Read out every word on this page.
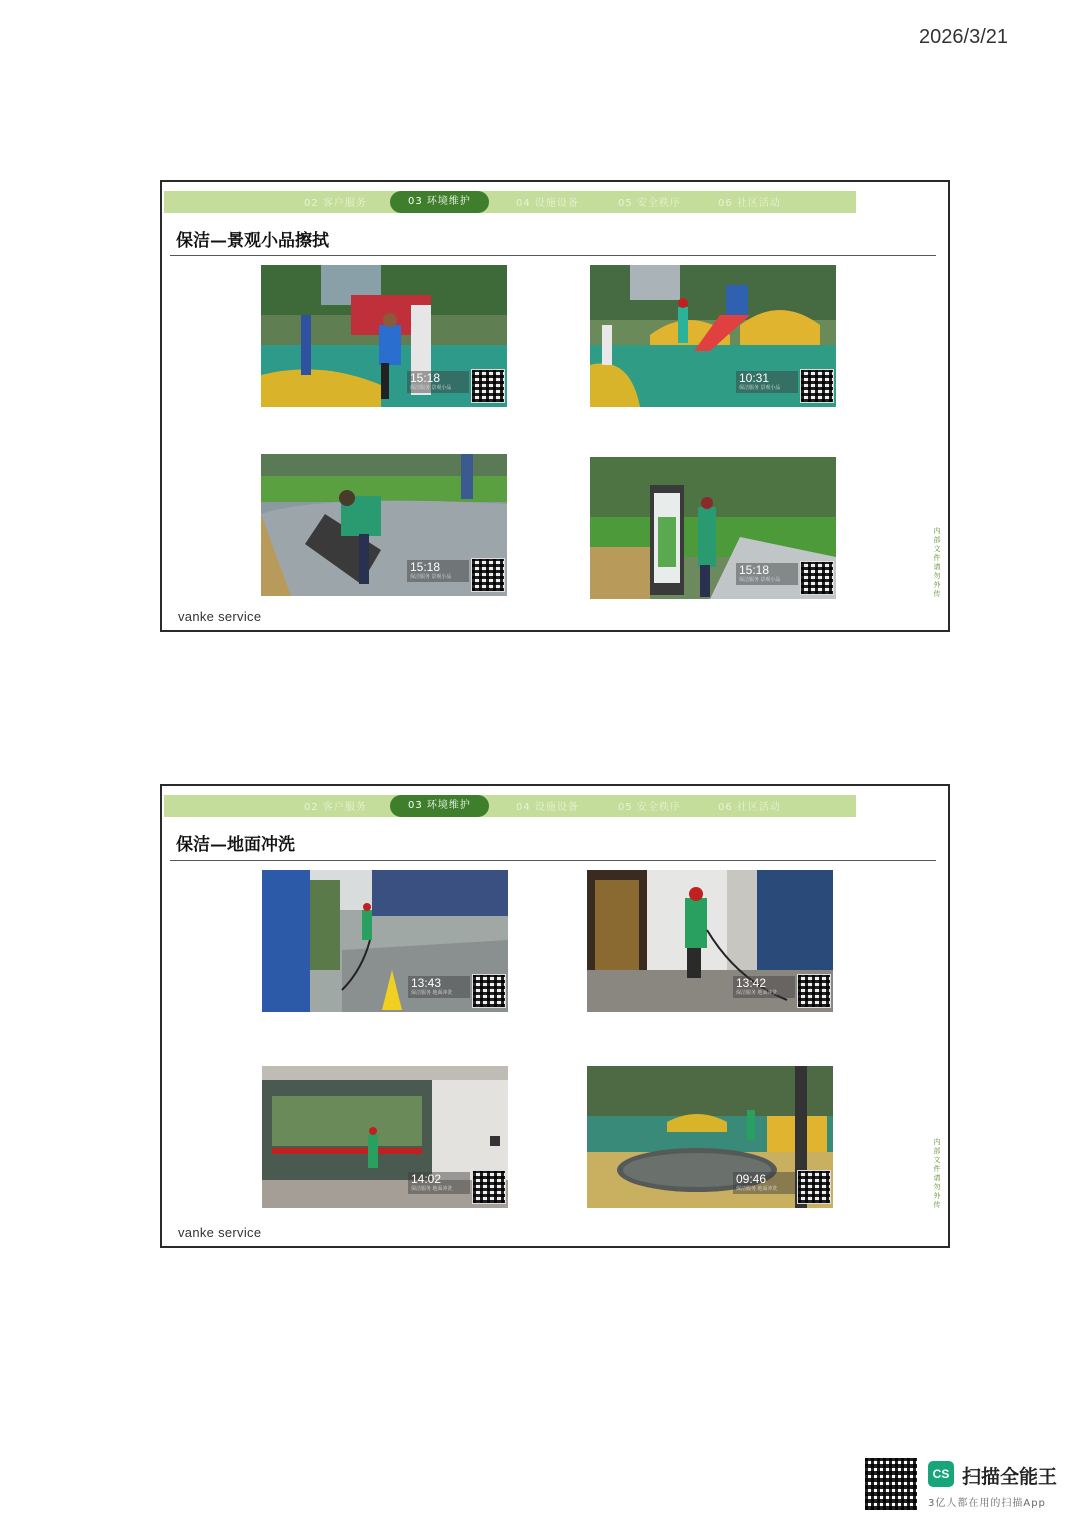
2026/3/21
02 客户服务	03 环境维护	04 设施设备	05 安全秩序	06 社区活动
保洁—景观小品擦拭
15:18
保洁服务 景观小品
10:31
保洁服务 景观小品
15:18
保洁服务 景观小品	15:18
保洁服务 景观小品
vanke service
内部文件 请勿外传
02 客户服务	03 环境维护	04 设施设备	05 安全秩序	06 社区活动
保洁—地面冲洗
13:43
保洁服务 地面冲洗
13:42
保洁服务 地面冲洗
14:02
保洁服务 地面冲洗
09:46
保洁服务 地面冲洗
vanke service
内部文件 请勿外传
CS 扫描全能王
3亿人都在用的扫描App
